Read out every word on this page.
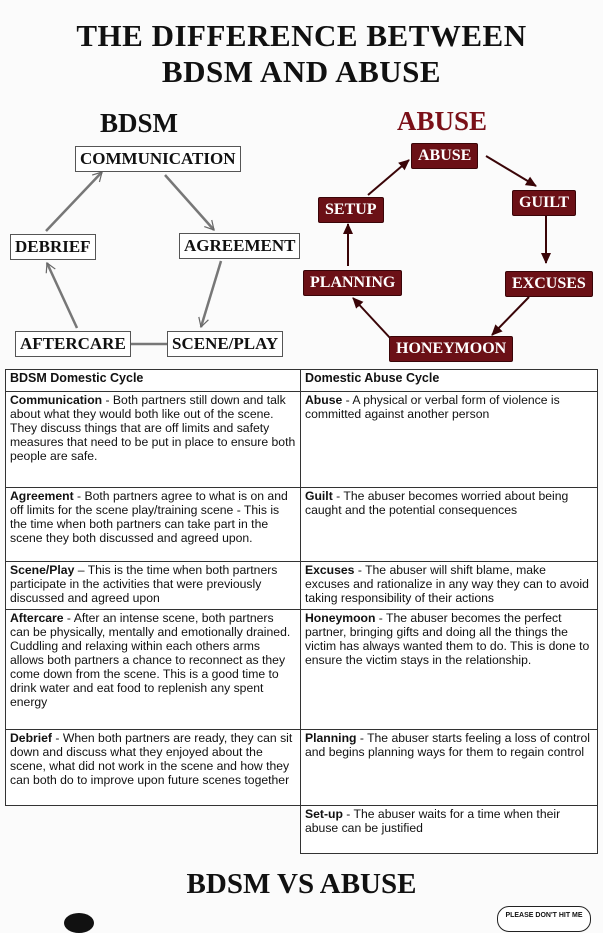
THE DIFFERENCE BETWEEN
BDSM AND ABUSE
BDSM	ABUSE
COMMUNICATION
AGREEMENT
SCENE/PLAY
AFTERCARE
DEBRIEF
ABUSE
GUILT
EXCUSES
HONEYMOON
PLANNING
SETUP
BDSM Domestic Cycle	Domestic Abuse Cycle
Communication - Both partners still down and talk about what they would both like out of the scene. They discuss things that are off limits and safety measures that need to be put in place to ensure both people are safe.	Abuse - A physical or verbal form of violence is committed against another person
Agreement - Both partners agree to what is on and off limits for the scene play/training scene - This is the time when both partners can take part in the scene they both discussed and agreed upon.	Guilt - The abuser becomes worried about being caught and the potential consequences
Scene/Play – This is the time when both partners participate in the activities that were previously discussed and agreed upon	Excuses - The abuser will shift blame, make excuses and rationalize in any way they can to avoid taking responsibility of their actions
Aftercare - After an intense scene, both partners can be physically, mentally and emotionally drained. Cuddling and relaxing within each others arms allows both partners a chance to reconnect as they come down from the scene. This is a good time to drink water and eat food to replenish any spent energy	Honeymoon - The abuser becomes the perfect partner, bringing gifts and doing all the things the victim has always wanted them to do. This is done to ensure the victim stays in the relationship.
Debrief - When both partners are ready, they can sit down and discuss what they enjoyed about the scene, what did not work in the scene and how they can both do to improve upon future scenes together	Planning - The abuser starts feeling a loss of control and begins planning ways for them to regain control
	Set-up - The abuser waits for a time when their abuse can be justified
BDSM VS ABUSE
PLEASE DON'T HIT ME
